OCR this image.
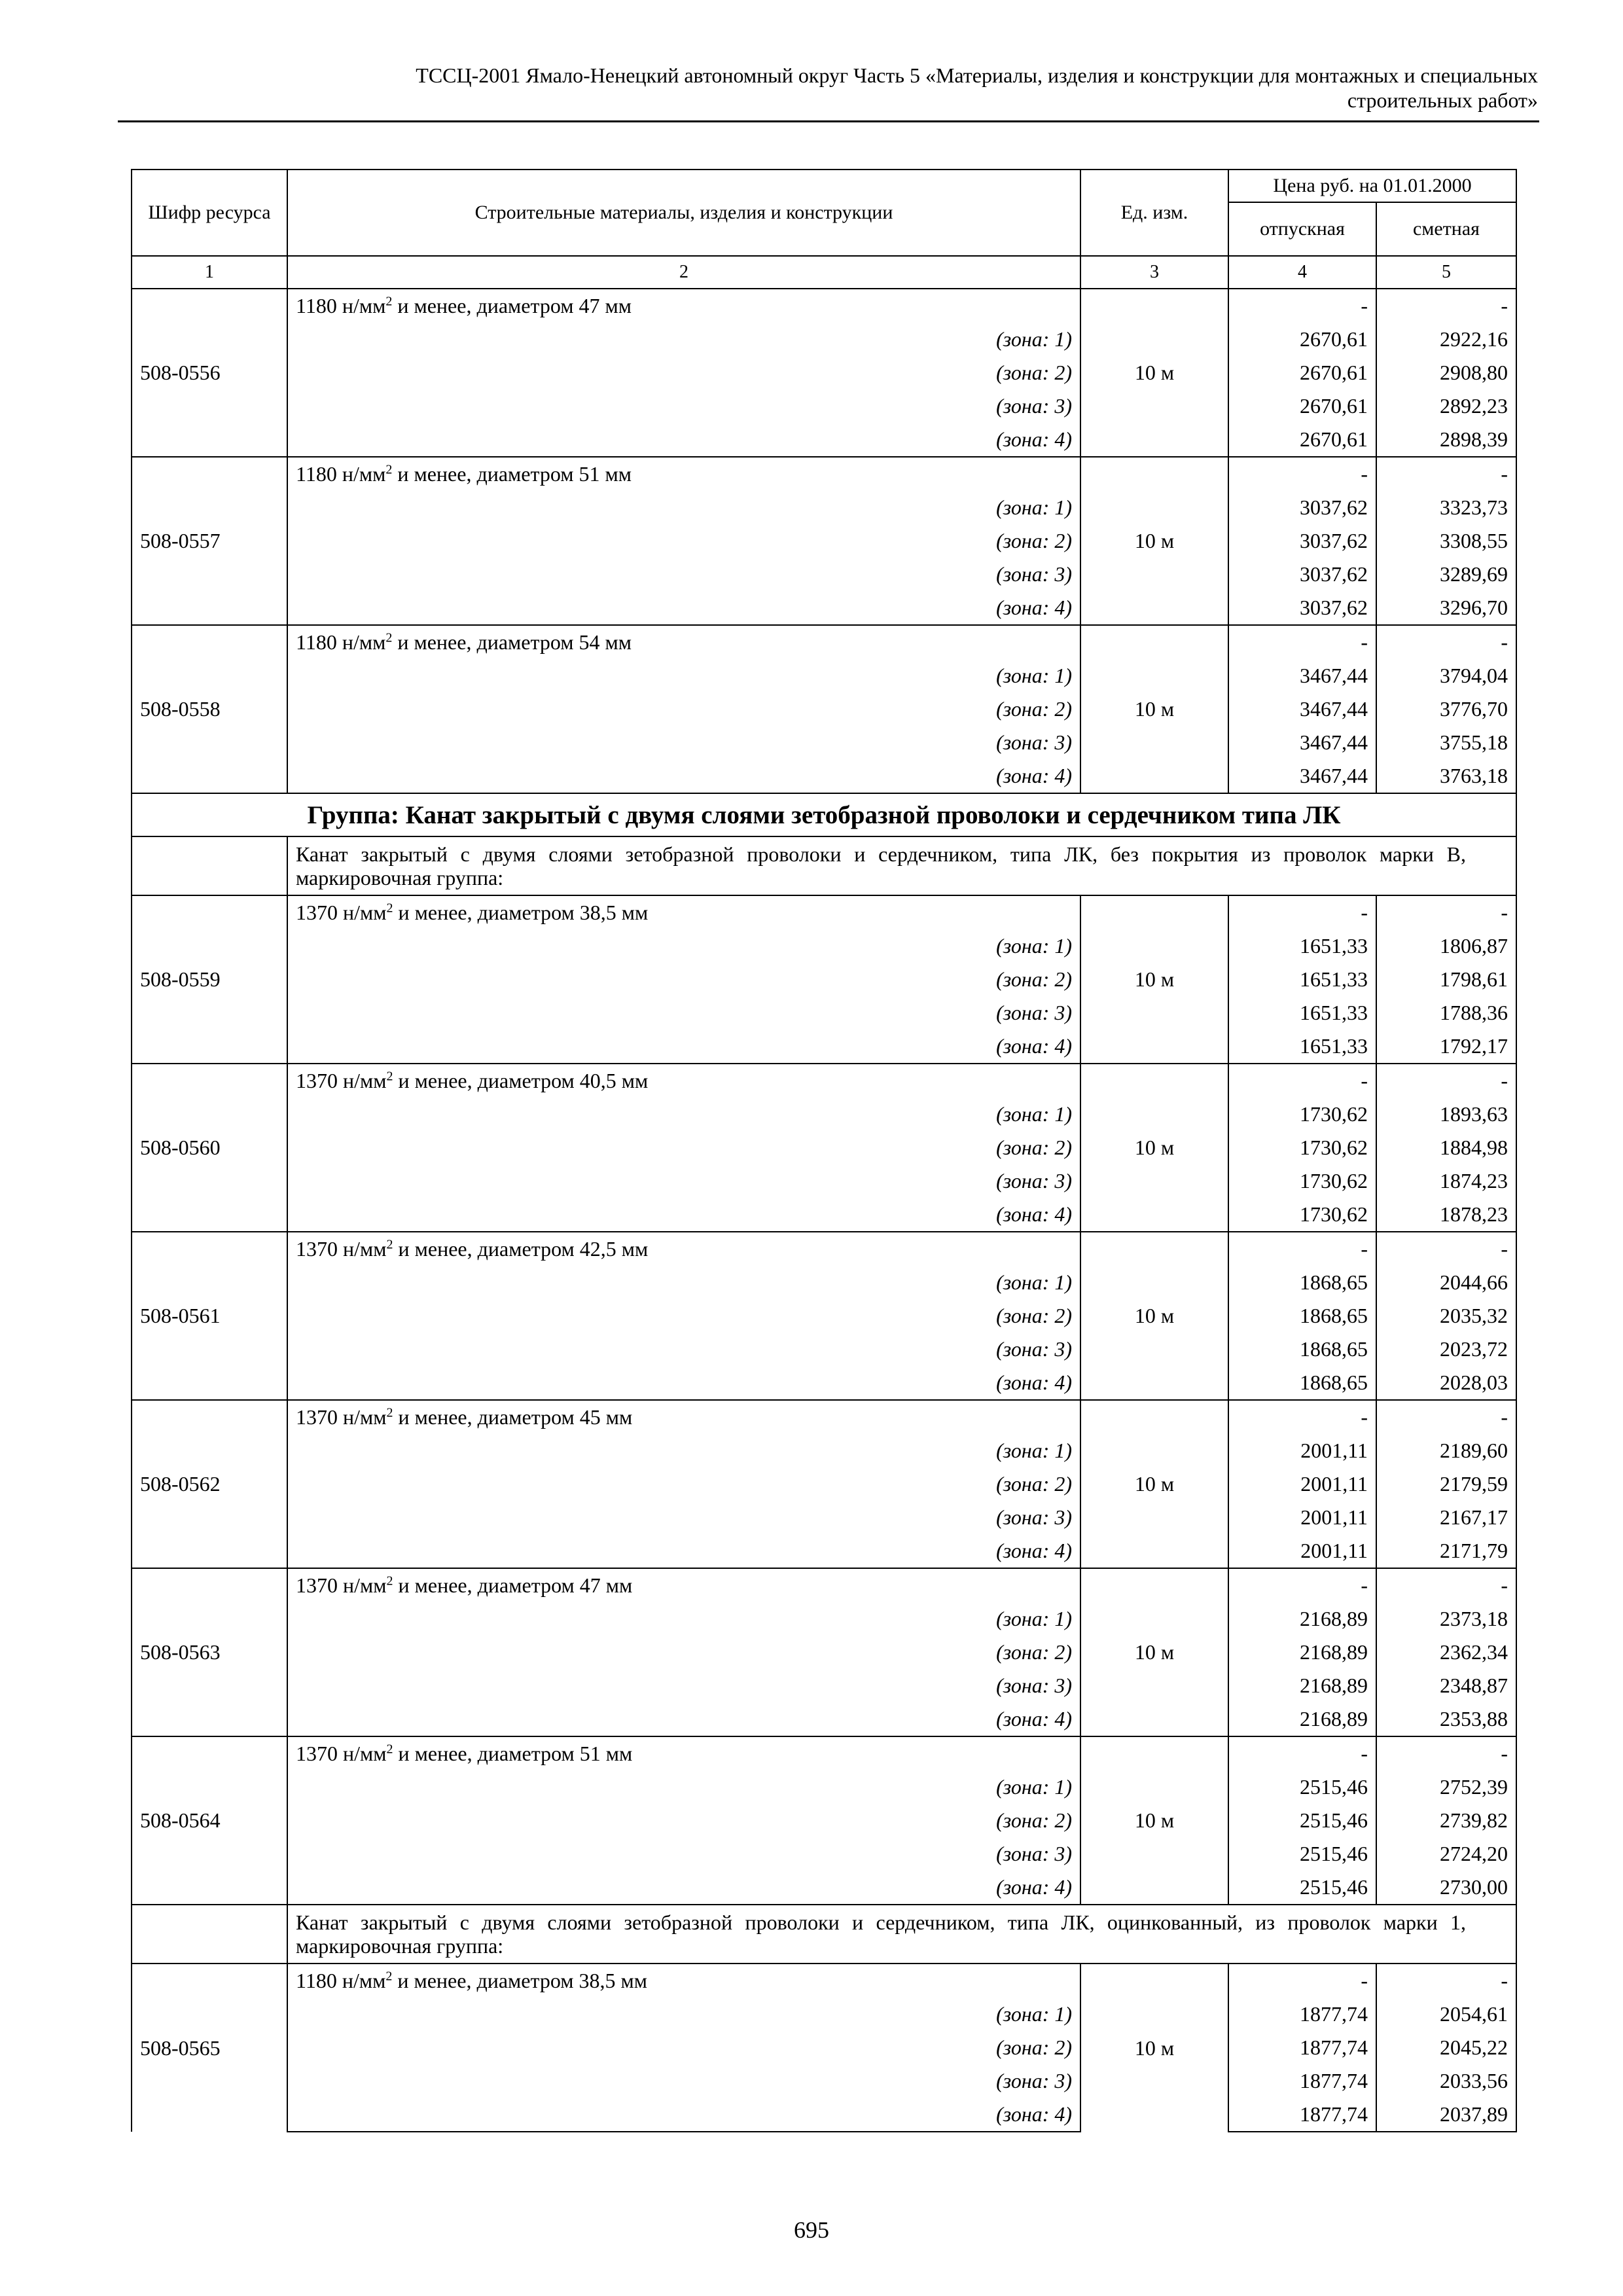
ТССЦ-2001 Ямало-Ненецкий автономный округ Часть 5 «Материалы, изделия и конструкции для монтажных и специальных
строительных работ»
Шифр ресурса	Строительные материалы, изделия и конструкции	Ед. изм.	Цена руб. на 01.01.2000	
			отпускная	сметная
1	2	3	4	5
508-0556	1180 $н/мм^2$ и менее, диаметром 47 мм	10 м	-	-
	(зона: 1)		2670,61	2922,16
	(зона: 2)		2670,61	2908,80
	(зона: 3)		2670,61	2892,23
	(зона: 4)		2670,61	2898,39
508-0557	1180 $н/мм^2$ и менее, диаметром 51 мм	10 м	-	-
	(зона: 1)		3037,62	3323,73
	(зона: 2)		3037,62	3308,55
	(зона: 3)		3037,62	3289,69
	(зона: 4)		3037,62	3296,70
508-0558	1180 $н/мм^2$ и менее, диаметром 54 мм	10 м	-	-
	(зона: 1)		3467,44	3794,04
	(зона: 2)		3467,44	3776,70
	(зона: 3)		3467,44	3755,18
	(зона: 4)		3467,44	3763,18
Группа: Канат закрытый с двумя слоями зетобразной проволоки и сердечником типа ЛК				
	Канат закрытый с двумя слоями зетобразной проволоки и сердечником, типа ЛК, без покрытия из проволок марки В, маркировочная группа:			
508-0559	1370 $н/мм^2$ и менее, диаметром 38,5 мм	10 м	-	-
	(зона: 1)		1651,33	1806,87
	(зона: 2)		1651,33	1798,61
	(зона: 3)		1651,33	1788,36
	(зона: 4)		1651,33	1792,17
508-0560	1370 $н/мм^2$ и менее, диаметром 40,5 мм	10 м	-	-
	(зона: 1)		1730,62	1893,63
	(зона: 2)		1730,62	1884,98
	(зона: 3)		1730,62	1874,23
	(зона: 4)		1730,62	1878,23
508-0561	1370 $н/мм^2$ и менее, диаметром 42,5 мм	10 м	-	-
	(зона: 1)		1868,65	2044,66
	(зона: 2)		1868,65	2035,32
	(зона: 3)		1868,65	2023,72
	(зона: 4)		1868,65	2028,03
508-0562	1370 $н/мм^2$ и менее, диаметром 45 мм	10 м	-	-
	(зона: 1)		2001,11	2189,60
	(зона: 2)		2001,11	2179,59
	(зона: 3)		2001,11	2167,17
	(зона: 4)		2001,11	2171,79
508-0563	1370 $н/мм^2$ и менее, диаметром 47 мм	10 м	-	-
	(зона: 1)		2168,89	2373,18
	(зона: 2)		2168,89	2362,34
	(зона: 3)		2168,89	2348,87
	(зона: 4)		2168,89	2353,88
508-0564	1370 $н/мм^2$ и менее, диаметром 51 мм	10 м	-	-
	(зона: 1)		2515,46	2752,39
	(зона: 2)		2515,46	2739,82
	(зона: 3)		2515,46	2724,20
	(зона: 4)		2515,46	2730,00
	Канат закрытый с двумя слоями зетобразной проволоки и сердечником, типа ЛК, оцинкованный, из проволок марки 1, маркировочная группа:			
508-0565	1180 $н/мм^2$ и менее, диаметром 38,5 мм	10 м	-	-
	(зона: 1)		1877,74	2054,61
	(зона: 2)		1877,74	2045,22
	(зона: 3)		1877,74	2033,56
	(зона: 4)		1877,74	2037,89
695
